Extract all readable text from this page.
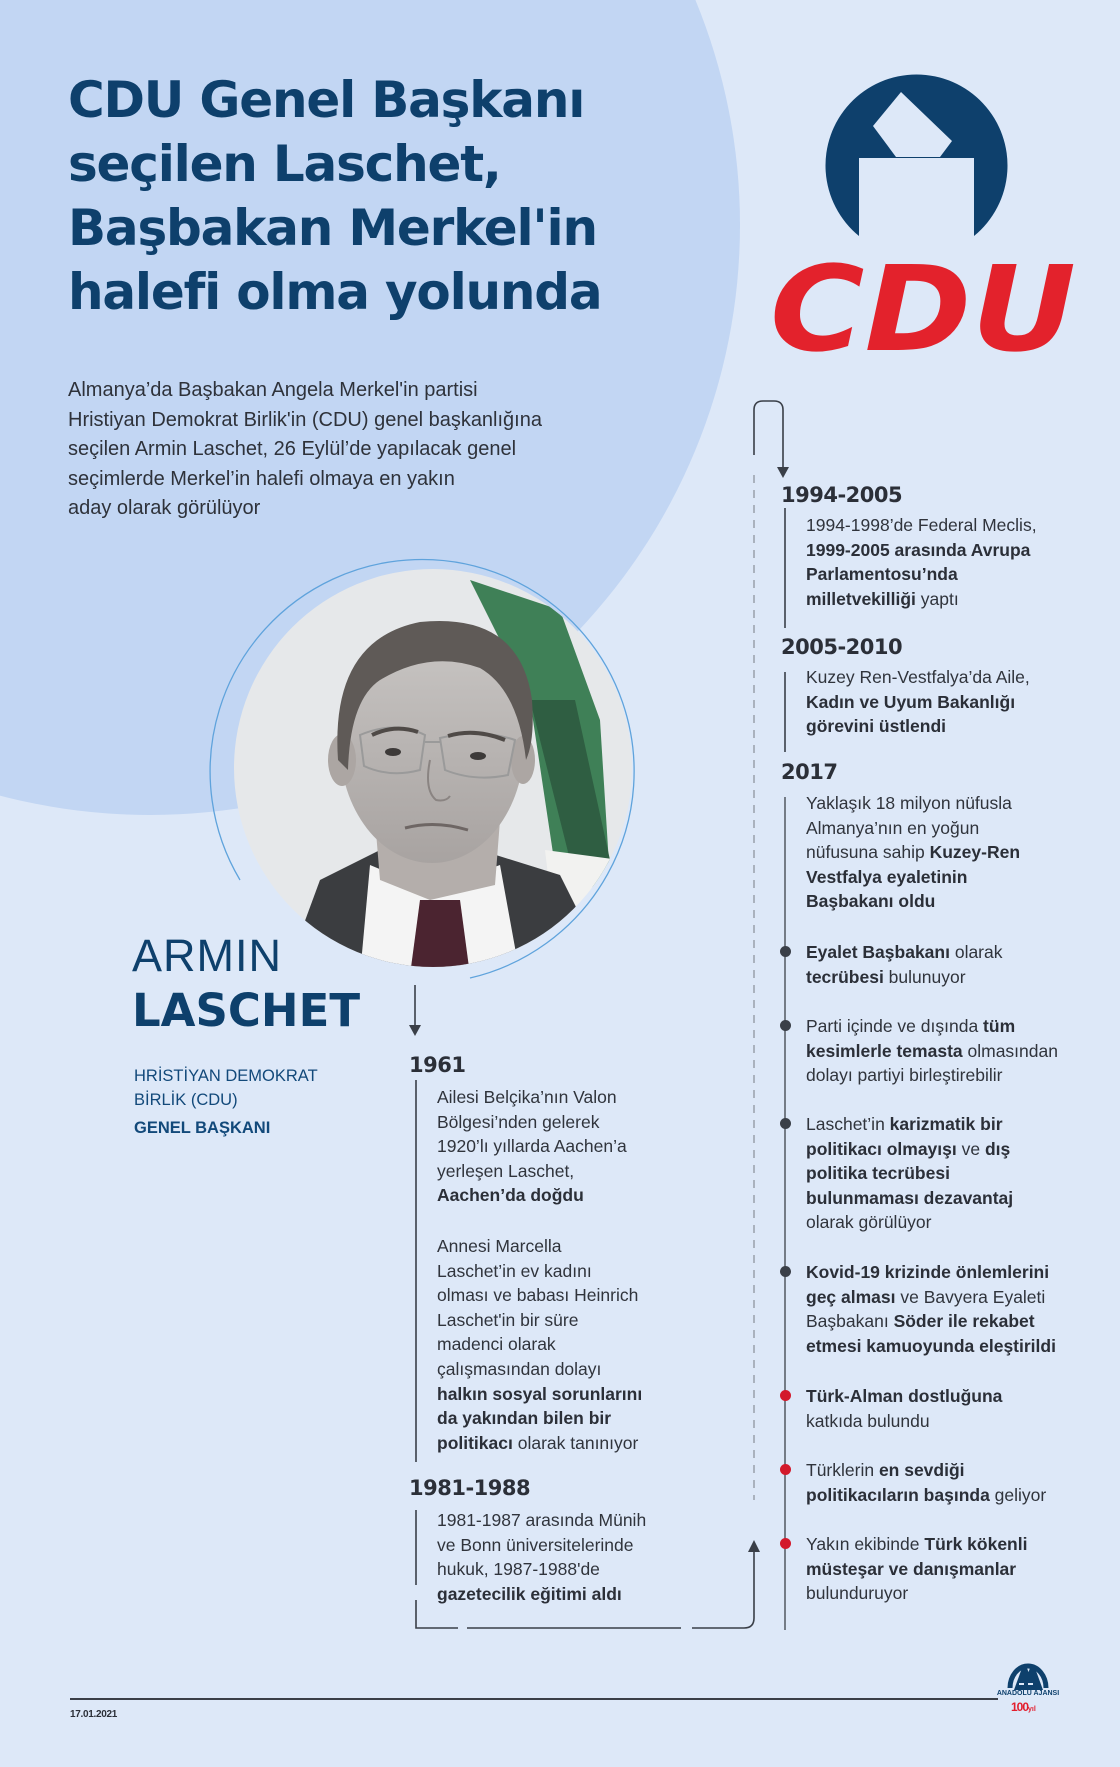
CDU Genel Başkanı
seçilen Laschet,
Başbakan Merkel'in
halefi olma yolunda
Almanya’da Başbakan Angela Merkel'in partisi
Hristiyan Demokrat Birlik'in (CDU) genel başkanlığına
seçilen Armin Laschet, 26 Eylül’de yapılacak genel
seçimlerde Merkel’in halefi olmaya en yakın
aday olarak görülüyor
CDU
ARMIN
LASCHET
HRİSTİYAN DEMOKRAT
BİRLİK (CDU)
GENEL BAŞKANI
1961
Ailesi Belçika’nın Valon
Bölgesi’nden gelerek
1920’lı yıllarda Aachen’a
yerleşen Laschet,
Aachen’da doğdu
Annesi Marcella
Laschet’in ev kadını
olması ve babası Heinrich
Laschet'in bir süre
madenci olarak
çalışmasından dolayı
halkın sosyal sorunlarını
da yakından bilen bir
politikacı olarak tanınıyor
1981-1988
1981-1987 arasında Münih
ve Bonn üniversitelerinde
hukuk, 1987-1988'de
gazetecilik eğitimi aldı
1994-2005
1994-1998’de Federal Meclis,
1999-2005 arasında Avrupa
Parlamentosu’nda
milletvekilliği yaptı
2005-2010
Kuzey Ren-Vestfalya’da Aile,
Kadın ve Uyum Bakanlığı
görevini üstlendi
2017
Yaklaşık 18 milyon nüfusla
Almanya’nın en yoğun
nüfusuna sahip Kuzey-Ren
Vestfalya eyaletinin
Başbakanı oldu
Eyalet Başbakanı olarak
tecrübesi bulunuyor
Parti içinde ve dışında tüm
kesimlerle temasta olmasından
dolayı partiyi birleştirebilir
Laschet’in karizmatik bir
politikacı olmayışı ve dış
politika tecrübesi
bulunmaması dezavantaj
olarak görülüyor
Kovid-19 krizinde önlemlerini
geç alması ve Bavyera Eyaleti
Başbakanı Söder ile rekabet
etmesi kamuoyunda eleştirildi
Türk-Alman dostluğuna
katkıda bulundu
Türklerin en sevdiği
politikacıların başında geliyor
Yakın ekibinde Türk kökenli
müsteşar ve danışmanlar
bulunduruyor
17.01.2021
ANADOLU AJANSI
100yıl
